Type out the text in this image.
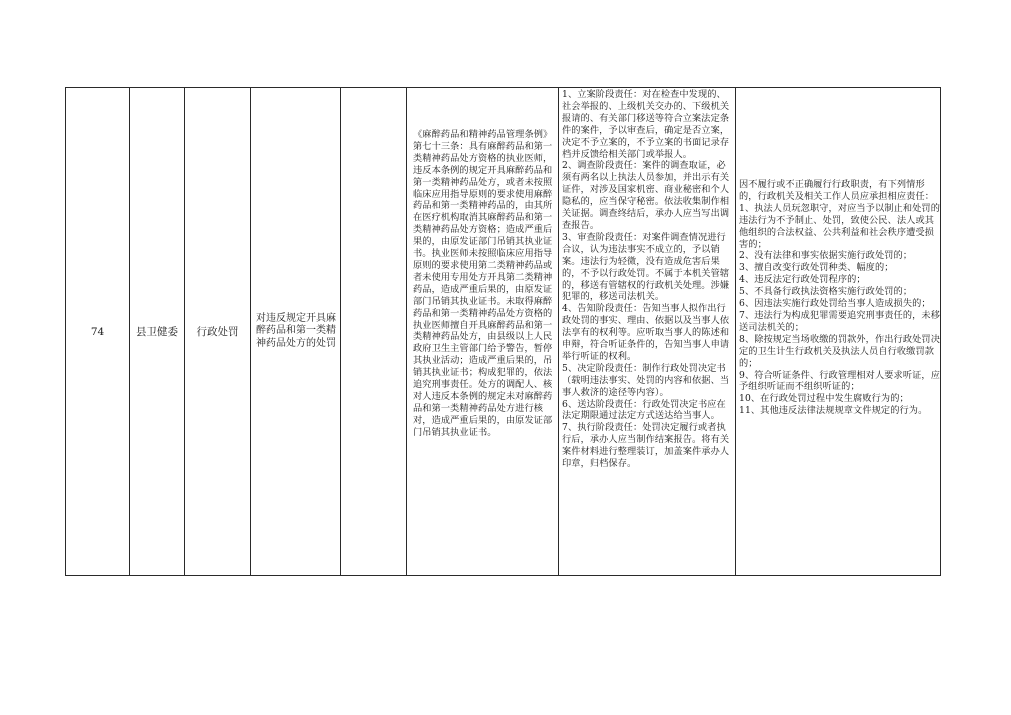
74	县卫健委 行政处罚
对违反规定开具麻醉药品和第一类精神药品处方的处罚
《麻醉药品和精神药品管理条例》第七十三条：具有麻醉药品和第一类精神药品处方资格的执业医师，违反本条例的规定开具麻醉药品和第一类精神药品处方，或者未按照临床应用指导原则的要求使用麻醉药品和第一类精神药品的，由其所在医疗机构取消其麻醉药品和第一类精神药品处方资格；造成严重后果的，由原发证部门吊销其执业证书。执业医师未按照临床应用指导原则的要求使用第二类精神药品或者未使用专用处方开具第二类精神药品，造成严重后果的，由原发证部门吊销其执业证书。未取得麻醉药品和第一类精神药品处方资格的执业医师擅自开具麻醉药品和第一类精神药品处方，由县级以上人民政府卫生主管部门给予警告，暂停其执业活动；造成严重后果的，吊销其执业证书；构成犯罪的，依法追究刑事责任。处方的调配人、核对人违反本条例的规定未对麻醉药品和第一类精神药品处方进行核对，造成严重后果的，由原发证部门吊销其执业证书。
1、立案阶段责任：对在检查中发现的、社会举报的、上级机关交办的、下级机关报请的、有关部门移送等符合立案法定条件的案件，予以审查后，确定是否立案，决定不予立案的，不予立案的书面记录存档并反馈给相关部门或举报人。
2、调查阶段责任：案件的调查取证，必须有两名以上执法人员参加，并出示有关证件，对涉及国家机密、商业秘密和个人隐私的，应当保守秘密。依法收集制作相关证据。调查终结后，承办人应当写出调查报告。
3、审查阶段责任：对案件调查情况进行合议，认为违法事实不成立的，予以销案。违法行为轻微，没有造成危害后果的，不予以行政处罚。不属于本机关管辖的，移送有管辖权的行政机关处理。涉嫌犯罪的，移送司法机关。
4、告知阶段责任：告知当事人拟作出行政处罚的事实、理由、依据以及当事人依法享有的权利等。应听取当事人的陈述和申辩，符合听证条件的，告知当事人申请举行听证的权利。
5、决定阶段责任：制作行政处罚决定书（载明违法事实、处罚的内容和依据、当事人救济的途径等内容）。
6、送达阶段责任：行政处罚决定书应在法定期限通过法定方式送达给当事人。
7、执行阶段责任：处罚决定履行或者执行后，承办人应当制作结案报告。将有关案件材料进行整理装订，加盖案件承办人印章，归档保存。
因不履行或不正确履行行政职责，有下列情形的，行政机关及相关工作人员应承担相应责任：
1、执法人员玩忽职守，对应当予以制止和处罚的违法行为不予制止、处罚，致使公民、法人或其他组织的合法权益、公共利益和社会秩序遭受损害的；
2、没有法律和事实依据实施行政处罚的；
3、擅自改变行政处罚种类、幅度的；
4、违反法定行政处罚程序的；
5、不具备行政执法资格实施行政处罚的；
6、因违法实施行政处罚给当事人造成损失的；
7、违法行为构成犯罪需要追究刑事责任的，未移送司法机关的；
8、除按规定当场收缴的罚款外，作出行政处罚决定的卫生计生行政机关及执法人员自行收缴罚款的；
9、符合听证条件、行政管理相对人要求听证，应予组织听证而不组织听证的；
10、在行政处罚过程中发生腐败行为的；
11、其他违反法律法规规章文件规定的行为。
